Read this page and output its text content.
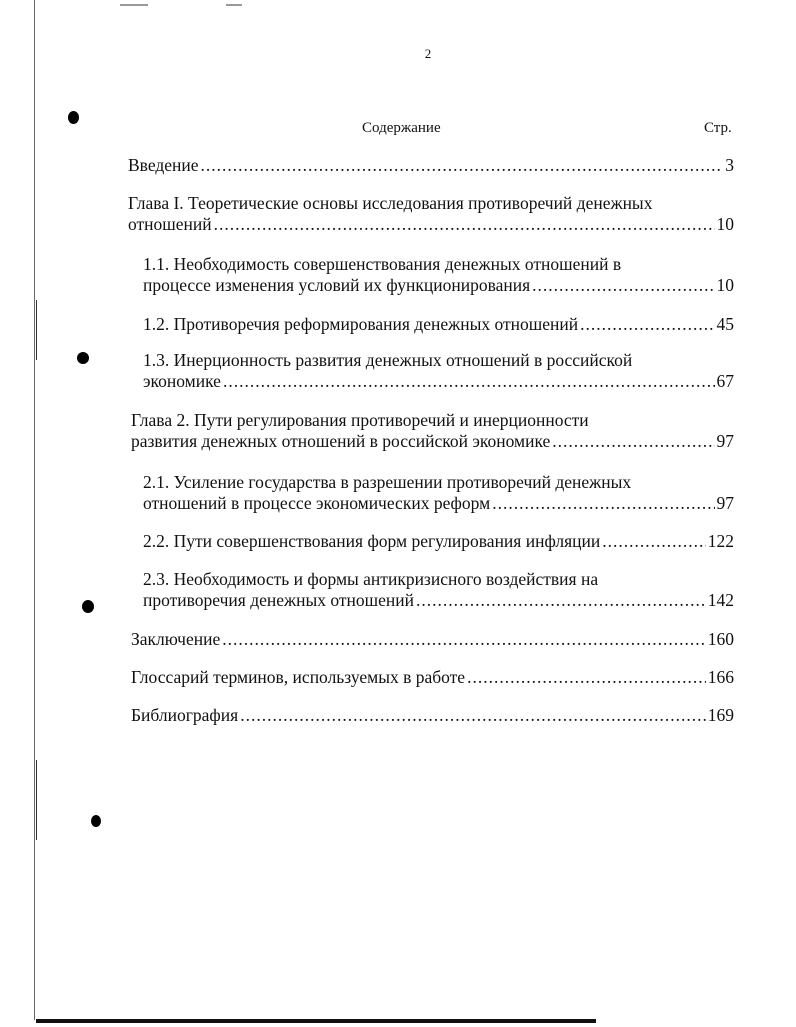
2
Содержание	Стр.
Введение .....	3
Глава I. Теоретические основы исследования противоречий денежных
отношений .....	10
1.1. Необходимость совершенствования денежных отношений в
процессе изменения условий их функционирования .....	10
1.2. Противоречия реформирования денежных отношений .....	45
1.3. Инерционность развития денежных отношений в российской
экономике .....	67
Глава 2. Пути регулирования противоречий и инерционности
развития денежных отношений в российской экономике .....	97
2.1. Усиление государства в разрешении противоречий денежных
отношений в процессе экономических реформ .....	97
2.2. Пути совершенствования форм регулирования инфляции .....	122
2.3. Необходимость и формы антикризисного воздействия на
противоречия денежных отношений .....	142
Заключение .....	160
Глоссарий терминов, используемых в работе .....	166
Библиография .....	169
